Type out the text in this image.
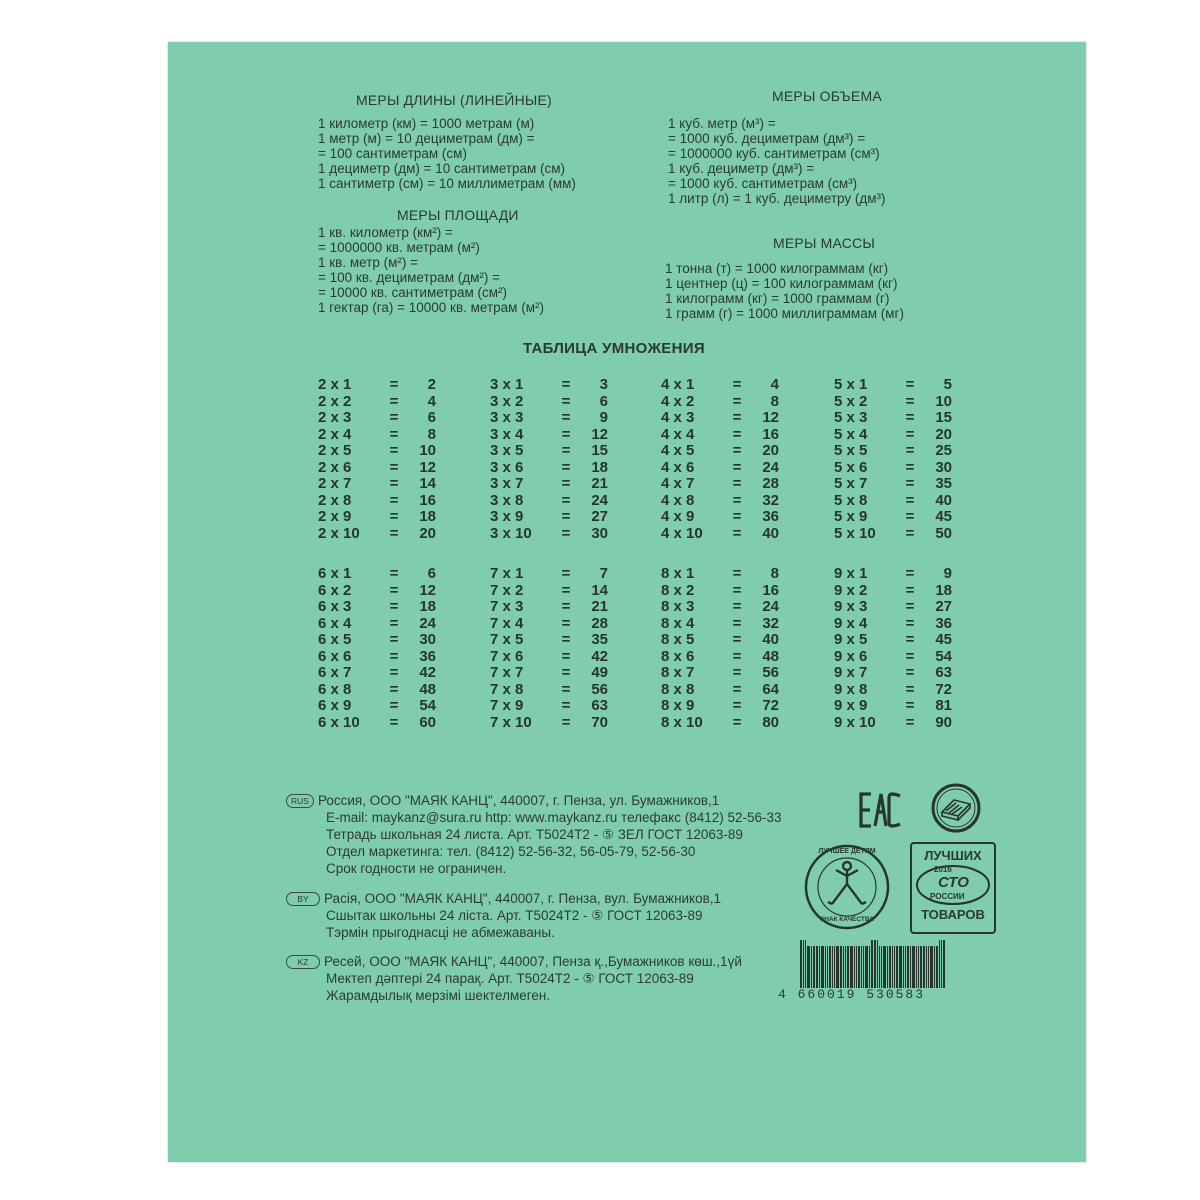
МЕРЫ ДЛИНЫ (ЛИНЕЙНЫЕ)
1 километр (км) = 1000 метрам (м)
1 метр (м) = 10 дециметрам (дм) =
= 100 сантиметрам (см)
1 дециметр (дм) = 10 сантиметрам (см)
1 сантиметр (см) = 10 миллиметрам (мм)
МЕРЫ ПЛОЩАДИ
1 кв. километр (км²) =
= 1000000 кв. метрам (м²)
1 кв. метр (м²) =
= 100 кв. дециметрам (дм²) =
= 10000 кв. сантиметрам (см²)
1 гектар (га) = 10000 кв. метрам (м²)
МЕРЫ ОБЪЕМА
1 куб. метр (м³) =
= 1000 куб. дециметрам (дм³) =
= 1000000 куб. сантиметрам (см³)
1 куб. дециметр (дм³) =
= 1000 куб. сантиметрам (см³)
1 литр (л) = 1 куб. дециметру (дм³)
МЕРЫ МАССЫ
1 тонна (т) = 1000 килограммам (кг)
1 центнер (ц) = 100 килограммам (кг)
1 килограмм (кг) = 1000 граммам (г)
1 грамм (г) = 1000 миллиграммам (мг)
ТАБЛИЦА УМНОЖЕНИЯ
2 x 1	=	2
2 x 2	=	4
2 x 3	=	6
2 x 4	=	8
2 x 5	=	10
2 x 6	=	12
2 x 7	=	14
2 x 8	=	16
2 x 9	=	18
2 x 10	=	20
3 x 1	=	3
3 x 2	=	6
3 x 3	=	9
3 x 4	=	12
3 x 5	=	15
3 x 6	=	18
3 x 7	=	21
3 x 8	=	24
3 x 9	=	27
3 x 10	=	30
4 x 1	=	4
4 x 2	=	8
4 x 3	=	12
4 x 4	=	16
4 x 5	=	20
4 x 6	=	24
4 x 7	=	28
4 x 8	=	32
4 x 9	=	36
4 x 10	=	40
5 x 1	=	5
5 x 2	=	10
5 x 3	=	15
5 x 4	=	20
5 x 5	=	25
5 x 6	=	30
5 x 7	=	35
5 x 8	=	40
5 x 9	=	45
5 x 10	=	50
6 x 1	=	6
6 x 2	=	12
6 x 3	=	18
6 x 4	=	24
6 x 5	=	30
6 x 6	=	36
6 x 7	=	42
6 x 8	=	48
6 x 9	=	54
6 x 10	=	60
7 x 1	=	7
7 x 2	=	14
7 x 3	=	21
7 x 4	=	28
7 x 5	=	35
7 x 6	=	42
7 x 7	=	49
7 x 8	=	56
7 x 9	=	63
7 x 10	=	70
8 x 1	=	8
8 x 2	=	16
8 x 3	=	24
8 x 4	=	32
8 x 5	=	40
8 x 6	=	48
8 x 7	=	56
8 x 8	=	64
8 x 9	=	72
8 x 10	=	80
9 x 1	=	9
9 x 2	=	18
9 x 3	=	27
9 x 4	=	36
9 x 5	=	45
9 x 6	=	54
9 x 7	=	63
9 x 8	=	72
9 x 9	=	81
9 x 10	=	90
RUS Россия, ООО "МАЯК КАНЦ", 440007, г. Пенза, ул. Бумажников,1
E-mail: maykanz@sura.ru http: www.maykanz.ru телефакс (8412) 52-56-33
Тетрадь школьная 24 листа. Арт. Т5024Т2 - ⑤ ЗЕЛ ГОСТ 12063-89
Отдел маркетинга: тел. (8412) 52-56-32, 56-05-79, 52-56-30
Срок годности не ограничен.
BY Расія, ООО "МАЯК КАНЦ", 440007, г. Пенза, вул. Бумажников,1
Сшытак школьны 24 лiста. Арт. Т5024Т2 - ⑤ ГОСТ 12063-89
Тэрмiн прыгоднасцi не абмежаваны.
KZ Ресей, ООО "МАЯК КАНЦ", 440007, Пенза қ.,Бумажников көш.,1үй
Мектеп дәптерi 24 парақ. Арт. Т5024Т2 - ⑤ ГОСТ 12063-89
Жарамдылық мерзiмi шектелмеген.
ЛУЧШЕЕ ДЕТЯМ
ЗНАК КАЧЕСТВА
ЛУЧШИХ
2016
СТО
РОССИИ
ТОВАРОВ
4 660019 530583
